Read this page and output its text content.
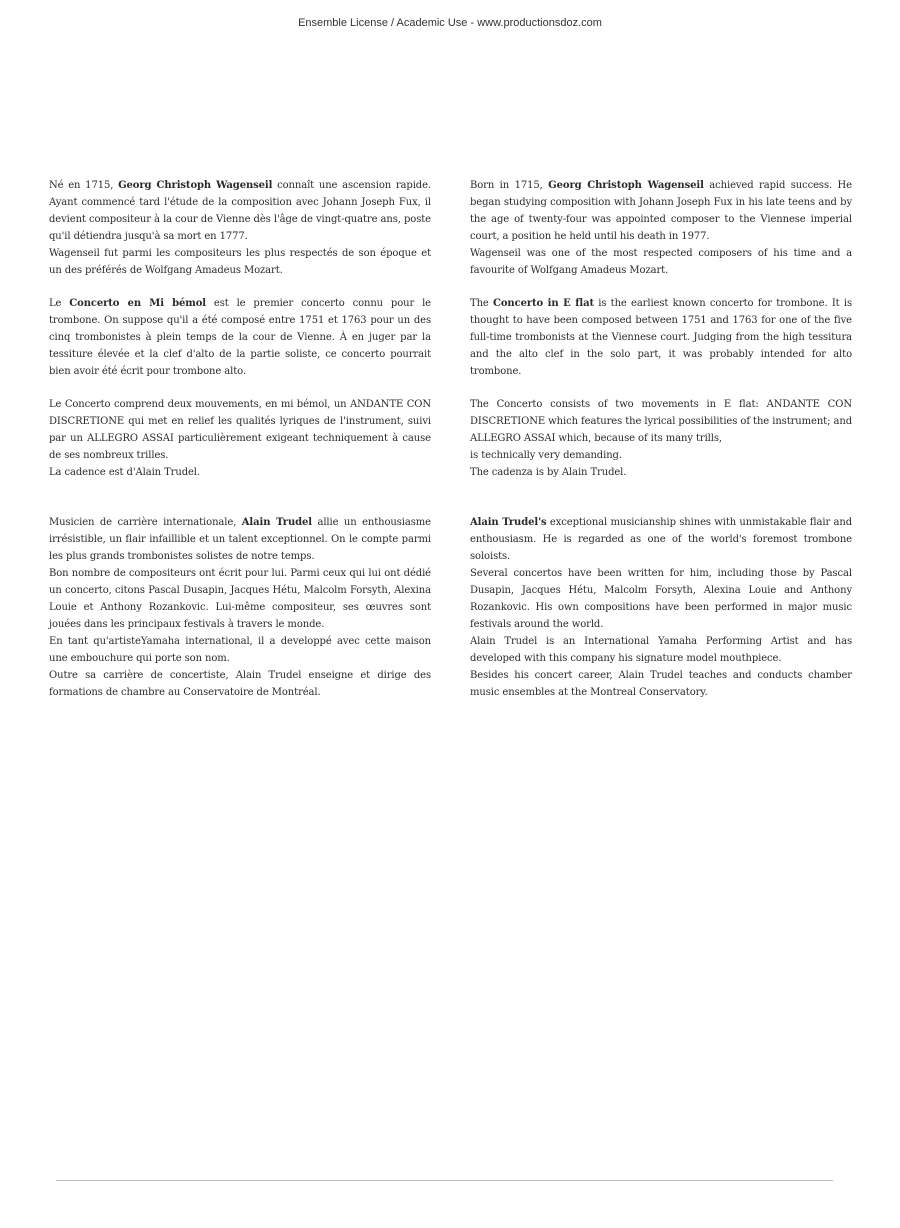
Ensemble License / Academic Use - www.productionsdoz.com

Né en 1715, Georg Christoph Wagenseil connaît une ascension rapide. Ayant commencé tard l'étude de la composition avec Johann Joseph Fux, il devient compositeur à la cour de Vienne dès l'âge de vingt-quatre ans, poste qu'il détiendra jusqu'à sa mort en 1777.
Wagenseil fut parmi les compositeurs les plus respectés de son époque et un des préférés de Wolfgang Amadeus Mozart.

Le Concerto en Mi bémol est le premier concerto connu pour le trombone. On suppose qu'il a été composé entre 1751 et 1763 pour un des cinq trombonistes à plein temps de la cour de Vienne. À en juger par la tessiture élevée et la clef d'alto de la partie soliste, ce concerto pourrait bien avoir été écrit pour trombone alto.

Le Concerto comprend deux mouvements, en mi bémol, un ANDANTE CON DISCRETIONE qui met en relief les qualités lyriques de l'instrument, suivi par un ALLEGRO ASSAI particulièrement exigeant techniquement à cause de ses nombreux trilles.
La cadence est d'Alain Trudel.

Musicien de carrière internationale, Alain Trudel allie un enthousiasme irrésistible, un flair infaillible et un talent exceptionnel. On le compte parmi les plus grands trombonistes solistes de notre temps.
Bon nombre de compositeurs ont écrit pour lui. Parmi ceux qui lui ont dédié un concerto, citons Pascal Dusapin, Jacques Hétu, Malcolm Forsyth, Alexina Louie et Anthony Rozankovic. Lui-même compositeur, ses œuvres sont jouées dans les principaux festivals à travers le monde.
En tant qu'artisteYamaha international, il a developpé avec cette maison une embouchure qui porte son nom.
Outre sa carrière de concertiste, Alain Trudel enseigne et dirige des formations de chambre au Conservatoire de Montréal.

Born in 1715, Georg Christoph Wagenseil achieved rapid success. He began studying composition with Johann Joseph Fux in his late teens and by the age of twenty-four was appointed composer to the Viennese imperial court, a position he held until his death in 1977.
Wagenseil was one of the most respected composers of his time and a favourite of Wolfgang Amadeus Mozart.

The Concerto in E flat is the earliest known concerto for trombone. It is thought to have been composed between 1751 and 1763 for one of the five full-time trombonists at the Viennese court. Judging from the high tessitura and the alto clef in the solo part, it was probably intended for alto trombone.

The Concerto consists of two movements in E flat: ANDANTE CON DISCRETIONE which features the lyrical possibilities of the instrument; and ALLEGRO ASSAI which, because of its many trills,
is technically very demanding.
The cadenza is by Alain Trudel.

Alain Trudel's exceptional musicianship shines with unmistakable flair and enthousiasm. He is regarded as one of the world's foremost trombone soloists.
Several concertos have been written for him, including those by Pascal Dusapin, Jacques Hétu, Malcolm Forsyth, Alexina Louie and Anthony Rozankovic. His own compositions have been performed in major music festivals around the world.
Alain Trudel is an International Yamaha Performing Artist and has developed with this company his signature model mouthpiece.
Besides his concert career, Alain Trudel teaches and conducts chamber music ensembles at the Montreal Conservatory.
